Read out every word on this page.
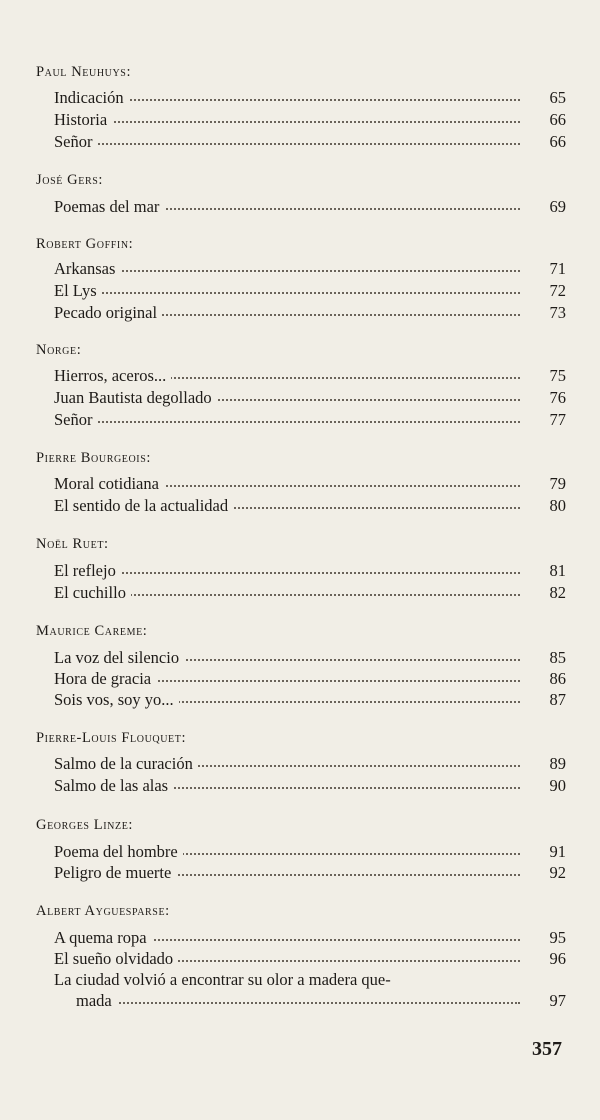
Paul Neuhuys:
Indicación	65
Historia	66
Señor	66
José Gers:
Poemas del mar	69
Robert Goffin:
Arkansas	71
El Lys	72
Pecado original	73
Norge:
Hierros, aceros...	75
Juan Bautista degollado	76
Señor	77
Pierre Bourgeois:
Moral cotidiana	79
El sentido de la actualidad	80
Noël Ruet:
El reflejo	81
El cuchillo	82
Maurice Careme:
La voz del silencio	85
Hora de gracia	86
Sois vos, soy yo...	87
Pierre-Louis Flouquet:
Salmo de la curación	89
Salmo de las alas	90
Georges Linze:
Poema del hombre	91
Peligro de muerte	92
Albert Ayguesparse:
A quema ropa	95
El sueño olvidado	96
La ciudad volvió a encontrar su olor a madera que-
mada	97
357
